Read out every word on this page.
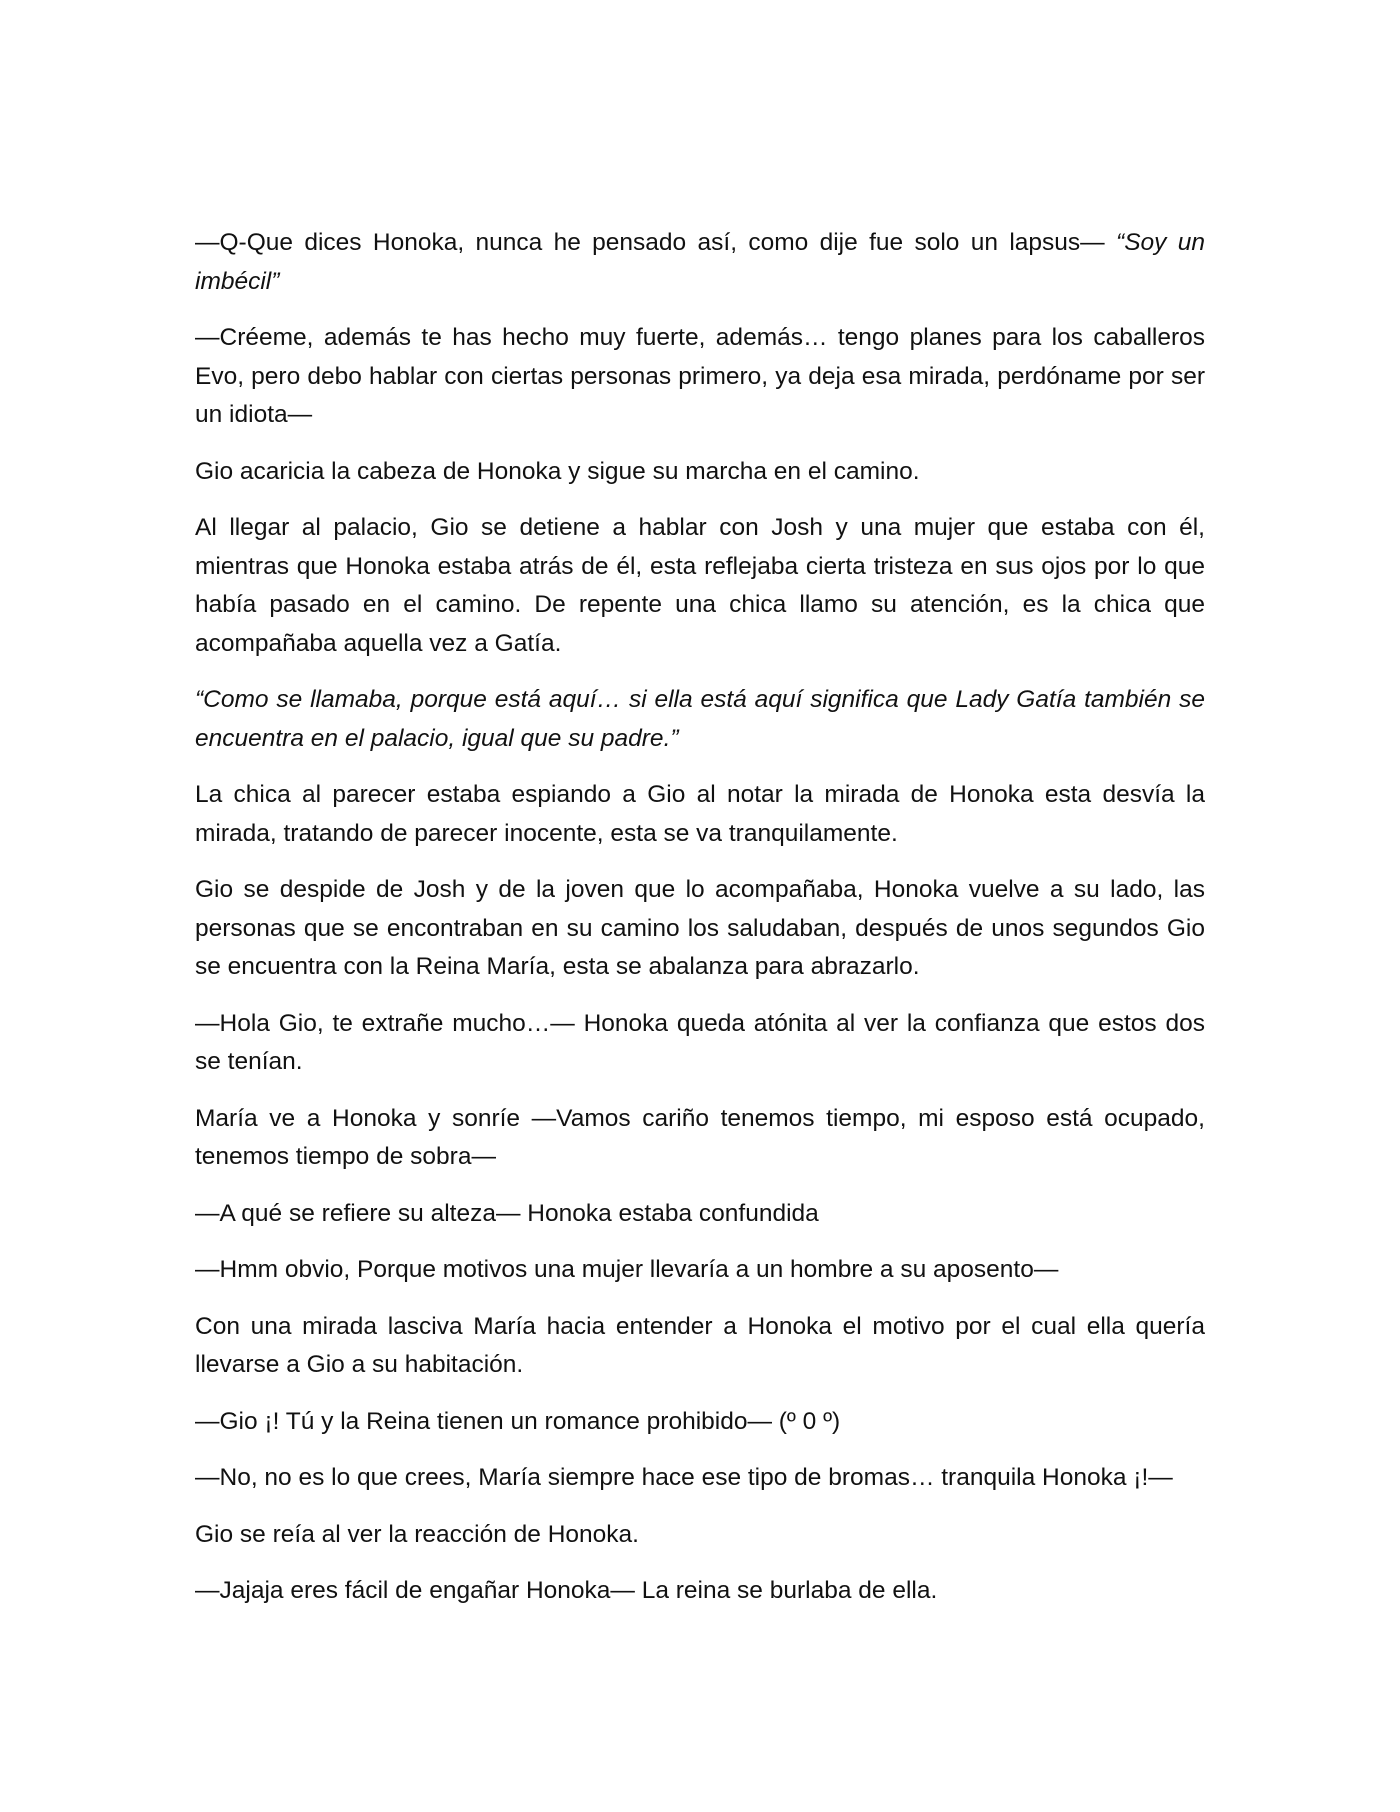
—Q-Que dices Honoka, nunca he pensado así, como dije fue solo un lapsus— “Soy un imbécil”

—Créeme, además te has hecho muy fuerte, además… tengo planes para los caballeros Evo, pero debo hablar con ciertas personas primero, ya deja esa mirada, perdóname por ser un idiota—

Gio acaricia la cabeza de Honoka y sigue su marcha en el camino.

Al llegar al palacio, Gio se detiene a hablar con Josh y una mujer que estaba con él, mientras que Honoka estaba atrás de él, esta reflejaba cierta tristeza en sus ojos por lo que había pasado en el camino. De repente una chica llamo su atención, es la chica que acompañaba aquella vez a Gatía.

“Como se llamaba, porque está aquí… si ella está aquí significa que Lady Gatía también se encuentra en el palacio, igual que su padre.”

La chica al parecer estaba espiando a Gio al notar la mirada de Honoka esta desvía la mirada, tratando de parecer inocente, esta se va tranquilamente.

Gio se despide de Josh y de la joven que lo acompañaba, Honoka vuelve a su lado, las personas que se encontraban en su camino los saludaban, después de unos segundos Gio se encuentra con la Reina María, esta se abalanza para abrazarlo.

—Hola Gio, te extrañe mucho…— Honoka queda atónita al ver la confianza que estos dos se tenían.

María ve a Honoka y sonríe —Vamos cariño tenemos tiempo, mi esposo está ocupado, tenemos tiempo de sobra—

—A qué se refiere su alteza— Honoka estaba confundida

—Hmm obvio, Porque motivos una mujer llevaría a un hombre a su aposento—

Con una mirada lasciva María hacia entender a Honoka el motivo por el cual ella quería llevarse a Gio a su habitación.

—Gio ¡! Tú y la Reina tienen un romance prohibido— (º 0 º)

—No, no es lo que crees, María siempre hace ese tipo de bromas… tranquila Honoka ¡!—

Gio se reía al ver la reacción de Honoka.

—Jajaja eres fácil de engañar Honoka— La reina se burlaba de ella.
